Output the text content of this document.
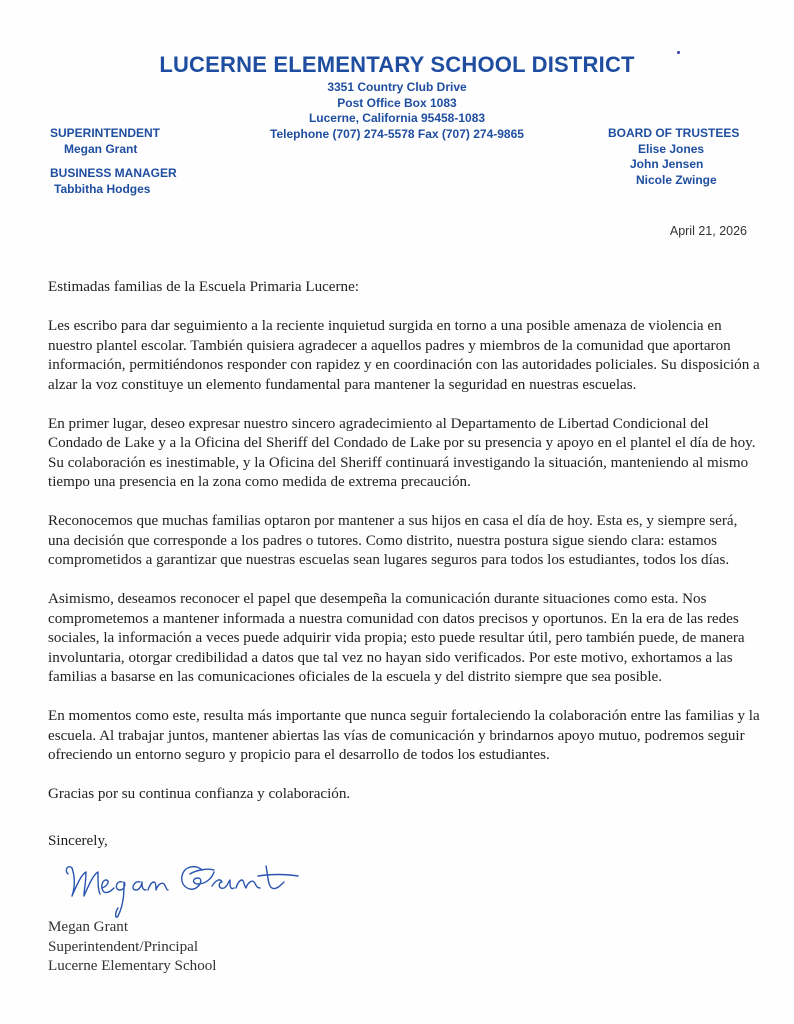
LUCERNE ELEMENTARY SCHOOL DISTRICT
3351 Country Club Drive
Post Office Box 1083
Lucerne, California 95458-1083
Telephone (707) 274-5578 Fax (707) 274-9865
SUPERINTENDENT
Megan Grant
BUSINESS MANAGER
Tabbitha Hodges
BOARD OF TRUSTEES
Elise Jones
John Jensen
Nicole Zwinge
April 21, 2026

Estimadas familias de la Escuela Primaria Lucerne:

Les escribo para dar seguimiento a la reciente inquietud surgida en torno a una posible amenaza de violencia en nuestro plantel escolar. También quisiera agradecer a aquellos padres y miembros de la comunidad que aportaron información, permitiéndonos responder con rapidez y en coordinación con las autoridades policiales. Su disposición a alzar la voz constituye un elemento fundamental para mantener la seguridad en nuestras escuelas.

En primer lugar, deseo expresar nuestro sincero agradecimiento al Departamento de Libertad Condicional del Condado de Lake y a la Oficina del Sheriff del Condado de Lake por su presencia y apoyo en el plantel el día de hoy. Su colaboración es inestimable, y la Oficina del Sheriff continuará investigando la situación, manteniendo al mismo tiempo una presencia en la zona como medida de extrema precaución.

Reconocemos que muchas familias optaron por mantener a sus hijos en casa el día de hoy. Esta es, y siempre será, una decisión que corresponde a los padres o tutores. Como distrito, nuestra postura sigue siendo clara: estamos comprometidos a garantizar que nuestras escuelas sean lugares seguros para todos los estudiantes, todos los días.

Asimismo, deseamos reconocer el papel que desempeña la comunicación durante situaciones como esta. Nos comprometemos a mantener informada a nuestra comunidad con datos precisos y oportunos. En la era de las redes sociales, la información a veces puede adquirir vida propia; esto puede resultar útil, pero también puede, de manera involuntaria, otorgar credibilidad a datos que tal vez no hayan sido verificados. Por este motivo, exhortamos a las familias a basarse en las comunicaciones oficiales de la escuela y del distrito siempre que sea posible.

En momentos como este, resulta más importante que nunca seguir fortaleciendo la colaboración entre las familias y la escuela. Al trabajar juntos, mantener abiertas las vías de comunicación y brindarnos apoyo mutuo, podremos seguir ofreciendo un entorno seguro y propicio para el desarrollo de todos los estudiantes.

Gracias por su continua confianza y colaboración.

Sincerely,
Megan Grant
Superintendent/Principal
Lucerne Elementary School
